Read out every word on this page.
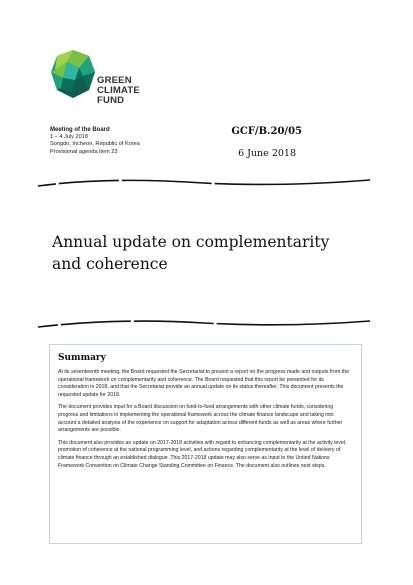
GREEN
CLIMATE
FUND
Meeting of the Board
1 – 4 July 2018
Songdo, Incheon, Republic of Korea
Provisional agenda item 23
GCF/B.20/05
6 June 2018
Annual update on complementarity
and coherence
Summary

At its seventeenth meeting, the Board requested the Secretariat to present a report on the progress made and outputs from the operational framework on complementarity and coherence. The Board requested that this report be presented for its consideration in 2018, and that the Secretariat provide an annual update on its status thereafter. This document presents the requested update for 2018.

The document provides input for a Board discussion on fund-to-fund arrangements with other climate funds, considering progress and limitations in implementing the operational framework across the climate finance landscape and taking into account a detailed analysis of the experience on support for adaptation across different funds as well as areas where further arrangements are possible.

This document also provides an update on 2017-2018 activities with regard to enhancing complementarity at the activity level, promotion of coherence at the national programming level, and actions regarding complementarity at the level of delivery of climate finance through an established dialogue. This 2017-2018 update may also serve as input to the United Nations Framework Convention on Climate Change Standing Committee on Finance. The document also outlines next steps.
